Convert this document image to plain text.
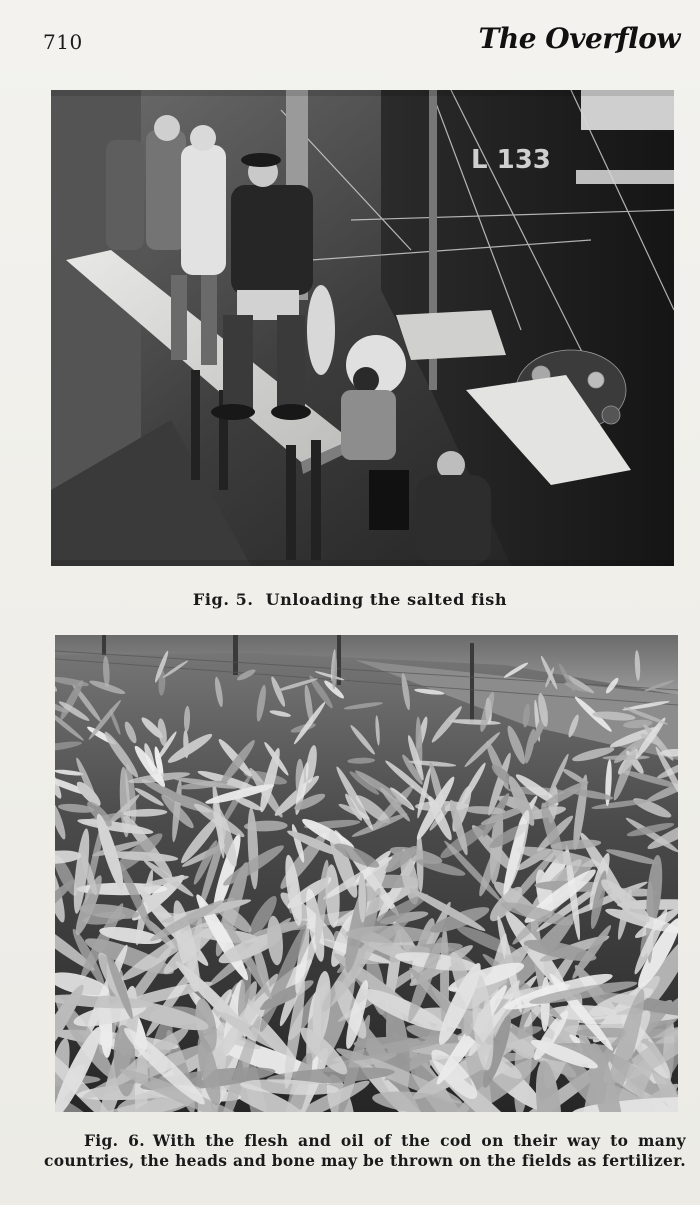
710	The Overflow
L 133
Fig. 5. Unloading the salted fish
Fig. 6. With the flesh and oil of the cod on their way to many countries, the heads and bone may be thrown on the fields as fertilizer.
